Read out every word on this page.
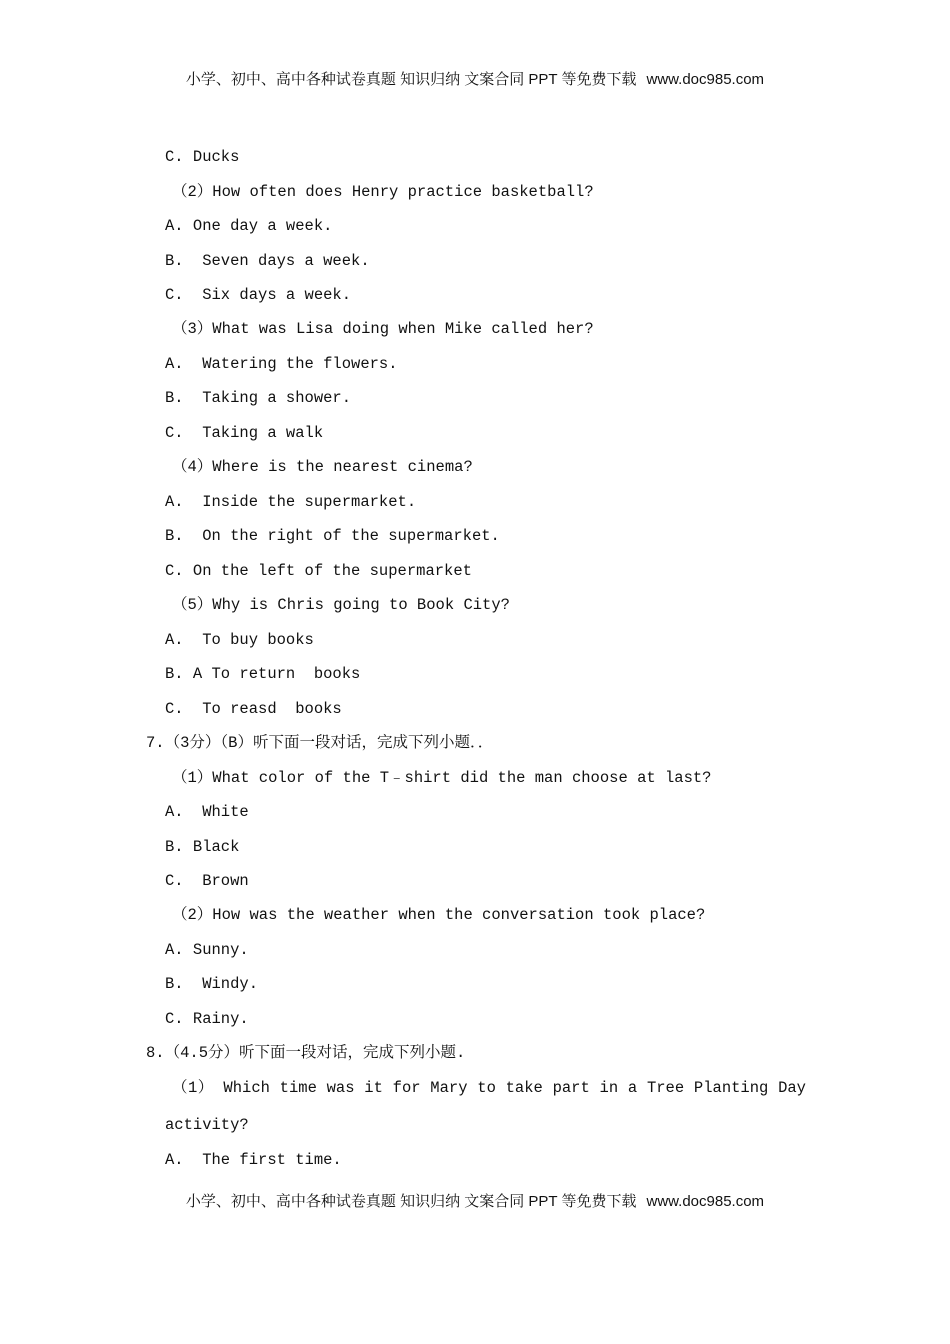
小学、初中、高中各种试卷真题 知识归纳 文案合同 PPT 等免费下载 www.doc985.com
C. Ducks
（2）How often does Henry practice basketball?
A. One day a week.
B.  Seven days a week.
C.  Six days a week.
（3）What was Lisa doing when Mike called her?
A.  Watering the flowers.
B.  Taking a shower.
C.  Taking a walk
（4）Where is the nearest cinema?
A.  Inside the supermarket.
B.  On the right of the supermarket.
C. On the left of the supermarket
（5）Why is Chris going to Book City?
A.  To buy books
B. A To return  books
C.  To reasd  books
7.（3分）（B）听下面一段对话，完成下列小题．．
（1）What color of the T﹣shirt did the man choose at last?
A.  White
B. Black
C.  Brown
（2）How was the weather when the conversation took place?
A. Sunny.
B.  Windy.
C. Rainy.
8.（4.5分）听下面一段对话，完成下列小题.
（1） Which time was it for Mary to take part in a Tree Planting Day
activity?
A.  The first time.
小学、初中、高中各种试卷真题 知识归纳 文案合同 PPT 等免费下载 www.doc985.com
